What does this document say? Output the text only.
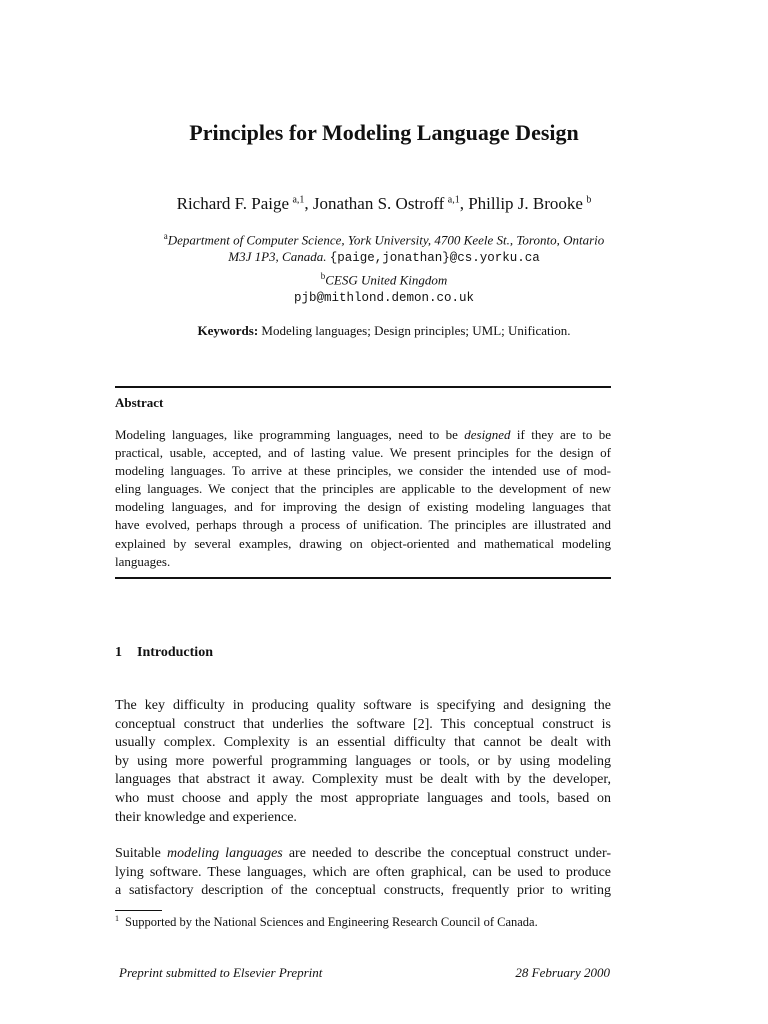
Principles for Modeling Language Design
Richard F. Paige  $^{a,1}$, Jonathan S. Ostroff  $^{a,1}$, Phillip J. Brooke  $^b$
$^a$Department of Computer Science, York University, 4700 Keele St., Toronto, Ontario
M3J 1P3, Canada. {paige,jonathan}@cs.yorku.ca
$^b$CESG United Kingdom
pjb@mithlond.demon.co.uk
Keywords: Modeling languages; Design principles; UML; Unification.
Abstract
Modeling languages, like programming languages, need to be designed if they are to be
practical, usable, accepted, and of lasting value. We present principles for the design of
modeling languages. To arrive at these principles, we consider the intended use of mod-
eling languages. We conject that the principles are applicable to the development of new
modeling languages, and for improving the design of existing modeling languages that
have evolved, perhaps through a process of unification. The principles are illustrated and
explained by several examples, drawing on object-oriented and mathematical modeling
languages.
1 Introduction
The key difficulty in producing quality software is specifying and designing the
conceptual construct that underlies the software [2]. This conceptual construct is
usually complex. Complexity is an essential difficulty that cannot be dealt with
by using more powerful programming languages or tools, or by using modeling
languages that abstract it away. Complexity must be dealt with by the developer,
who must choose and apply the most appropriate languages and tools, based on
their knowledge and experience.
Suitable modeling languages are needed to describe the conceptual construct under-
lying software. These languages, which are often graphical, can be used to produce
a satisfactory description of the conceptual constructs, frequently prior to writing
$^1$ Supported by the National Sciences and Engineering Research Council of Canada.
Preprint submitted to Elsevier Preprint	28 February 2000
